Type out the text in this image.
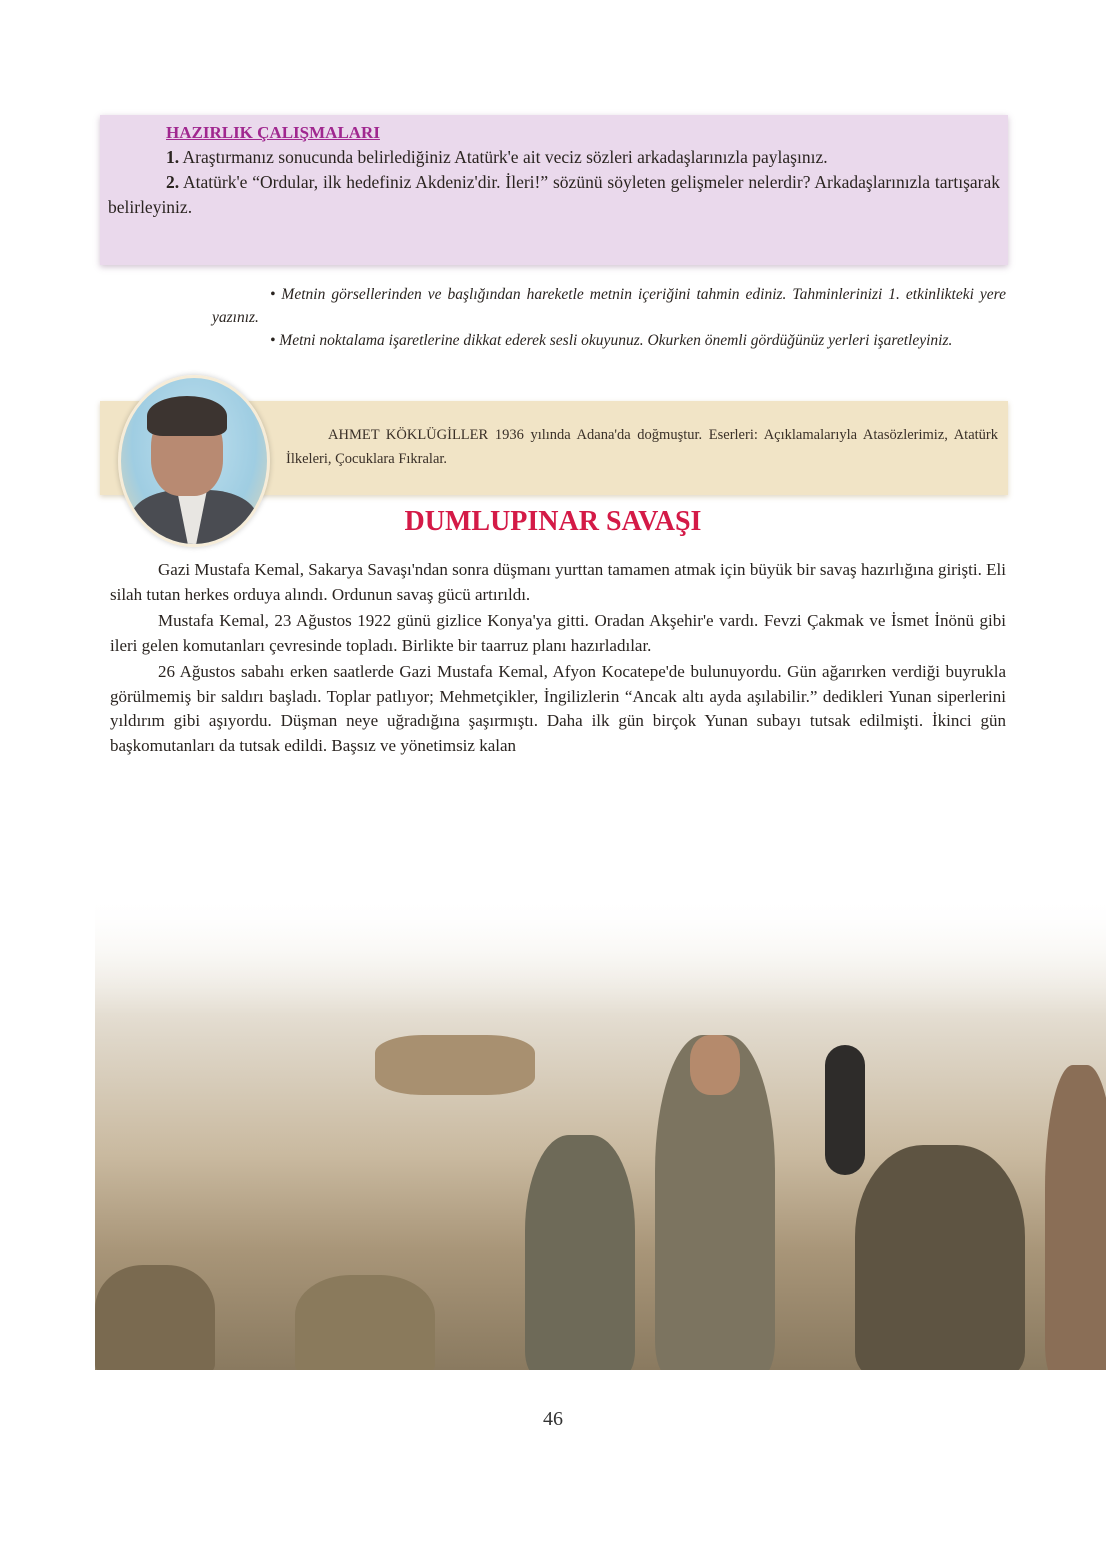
HAZIRLIK ÇALIŞMALARI

1. Araştırmanız sonucunda belirlediğiniz Atatürk'e ait veciz sözleri arkadaşlarınızla paylaşınız.

2. Atatürk'e “Ordular, ilk hedefiniz Akdeniz'dir. İleri!” sözünü söyleten gelişmeler nelerdir? Arkadaşlarınızla tartışarak belirleyiniz.

• Metnin görsellerinden ve başlığından hareketle metnin içeriğini tahmin ediniz. Tahminlerinizi 1. etkinlikteki yere yazınız.

• Metni noktalama işaretlerine dikkat ederek sesli okuyunuz. Okurken önemli gördüğünüz yerleri işaretleyiniz.

AHMET KÖKLÜGİLLER 1936 yılında Adana'da doğmuştur. Eserleri: Açıklamalarıyla Atasözlerimiz, Atatürk İlkeleri, Çocuklara Fıkralar.

DUMLUPINAR SAVAŞI

Gazi Mustafa Kemal, Sakarya Savaşı'ndan sonra düşmanı yurttan tamamen atmak için büyük bir savaş hazırlığına girişti. Eli silah tutan herkes orduya alındı. Ordunun savaş gücü artırıldı.

Mustafa Kemal, 23 Ağustos 1922 günü gizlice Konya'ya gitti. Oradan Akşehir'e vardı. Fevzi Çakmak ve İsmet İnönü gibi ileri gelen komutanları çevresinde topladı. Birlikte bir taarruz planı hazırladılar.

26 Ağustos sabahı erken saatlerde Gazi Mustafa Kemal, Afyon Kocatepe'de bulunuyordu. Gün ağarırken verdiği buyrukla görülmemiş bir saldırı başladı. Toplar patlıyor; Mehmetçikler, İngilizlerin “Ancak altı ayda aşılabilir.” dedikleri Yunan siperlerini yıldırım gibi aşıyordu. Düşman neye uğradığına şaşırmıştı. Daha ilk gün birçok Yunan subayı tutsak edilmişti. İkinci gün başkomutanları da tutsak edildi. Başsız ve yönetimsiz kalan

46
